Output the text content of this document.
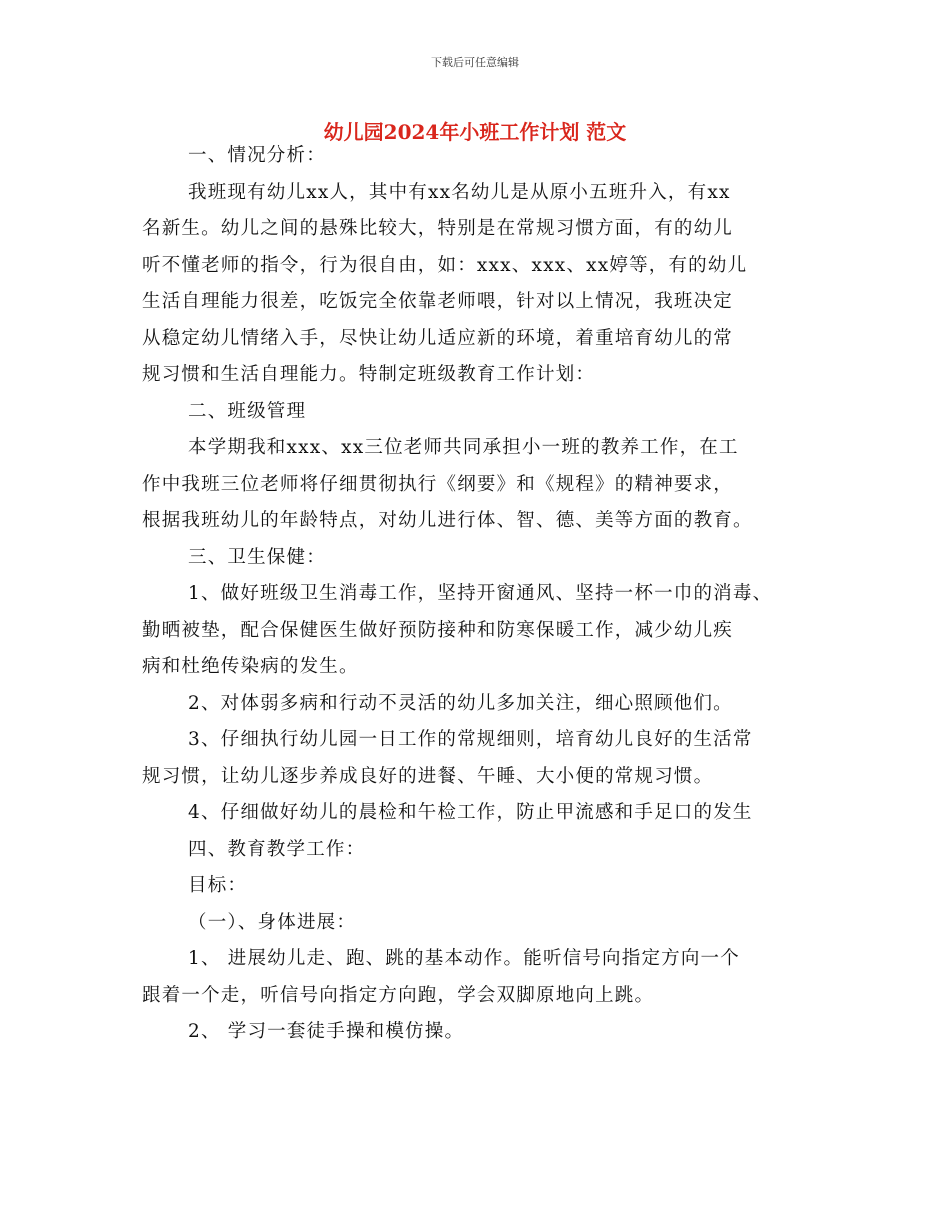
下载后可任意编辑
幼儿园2024年小班工作计划 范文
一、情况分析：
我班现有幼儿xx人，其中有xx名幼儿是从原小五班升入，有xx
名新生。幼儿之间的悬殊比较大，特别是在常规习惯方面，有的幼儿
听不懂老师的指令，行为很自由，如：xxx、xxx、xx婷等，有的幼儿
生活自理能力很差，吃饭完全依靠老师喂，针对以上情况，我班决定
从稳定幼儿情绪入手，尽快让幼儿适应新的环境，着重培育幼儿的常
规习惯和生活自理能力。特制定班级教育工作计划：
二、班级管理
本学期我和xxx、xx三位老师共同承担小一班的教养工作，在工
作中我班三位老师将仔细贯彻执行《纲要》和《规程》的精神要求，
根据我班幼儿的年龄特点，对幼儿进行体、智、德、美等方面的教育。
三、卫生保健：
1、做好班级卫生消毒工作，坚持开窗通风、坚持一杯一巾的消毒、
勤晒被垫，配合保健医生做好预防接种和防寒保暖工作，减少幼儿疾
病和杜绝传染病的发生。
2、对体弱多病和行动不灵活的幼儿多加关注，细心照顾他们。
3、仔细执行幼儿园一日工作的常规细则，培育幼儿良好的生活常
规习惯，让幼儿逐步养成良好的进餐、午睡、大小便的常规习惯。
4、仔细做好幼儿的晨检和午检工作，防止甲流感和手足口的发生
四、教育教学工作：
目标：
（一）、身体进展：
1、 进展幼儿走、跑、跳的基本动作。能听信号向指定方向一个
跟着一个走，听信号向指定方向跑，学会双脚原地向上跳。
2、 学习一套徒手操和模仿操。
